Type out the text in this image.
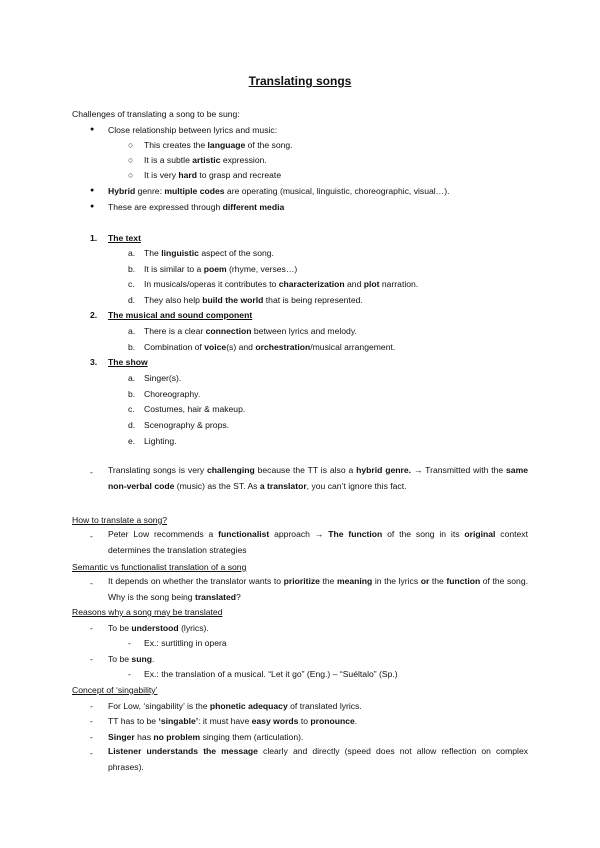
Translating songs
Challenges of translating a song to be sung:
● Close relationship between lyrics and music:
○ This creates the language of the song.
○ It is a subtle artistic expression.
○ It is very hard to grasp and recreate
● Hybrid genre: multiple codes are operating (musical, linguistic, choreographic, visual…).
● These are expressed through different media
1. The text
a. The linguistic aspect of the song.
b. It is similar to a poem (rhyme, verses…)
c. In musicals/operas it contributes to characterization and plot narration.
d. They also help build the world that is being represented.
2. The musical and sound component
a. There is a clear connection between lyrics and melody.
b. Combination of voice(s) and orchestration/musical arrangement.
3. The show
a. Singer(s).
b. Choreography.
c. Costumes, hair & makeup.
d. Scenography & props.
e. Lighting.
- Translating songs is very challenging because the TT is also a hybrid genre. → Transmitted with the same non-verbal code (music) as the ST. As a translator, you can’t ignore this fact.
How to translate a song?
- Peter Low recommends a functionalist approach → The function of the song in its original context determines the translation strategies
Semantic vs functionalist translation of a song
- It depends on whether the translator wants to prioritize the meaning in the lyrics or the function of the song. Why is the song being translated?
Reasons why a song may be translated
- To be understood (lyrics).
- Ex.: surtitling in opera
- To be sung.
- Ex.: the translation of a musical. “Let it go” (Eng.) – “Suéltalo” (Sp.)
Concept of ‘singability’
- For Low, ‘singability’ is the phonetic adequacy of translated lyrics.
- TT has to be ‘singable’: it must have easy words to pronounce.
- Singer has no problem singing them (articulation).
- Listener understands the message clearly and directly (speed does not allow reflection on complex phrases).
